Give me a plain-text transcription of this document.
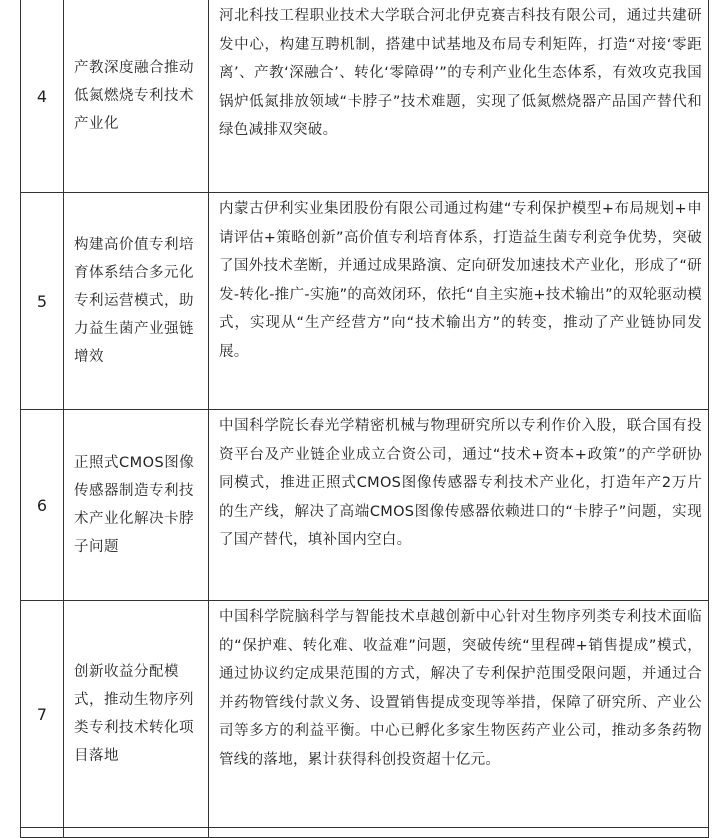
4	产教深度融合推动低氮燃烧专利技术产业化	河北科技工程职业技术大学联合河北伊克赛吉科技有限公司，通过共建研发中心，构建互聘机制，搭建中试基地及布局专利矩阵，打造“对接‘零距离’、产教‘深融合’、转化‘零障碍’”的专利产业化生态体系，有效攻克我国锅炉低氮排放领域“卡脖子”技术难题，实现了低氮燃烧器产品国产替代和绿色减排双突破。
5	构建高价值专利培育体系结合多元化专利运营模式，助力益生菌产业强链增效	内蒙古伊利实业集团股份有限公司通过构建“专利保护模型+布局规划+申请评估+策略创新”高价值专利培育体系，打造益生菌专利竞争优势，突破了国外技术垄断，并通过成果路演、定向研发加速技术产业化，形成了“研发-转化-推广-实施”的高效闭环，依托“自主实施+技术输出”的双轮驱动模式，实现从“生产经营方”向“技术输出方”的转变，推动了产业链协同发展。
6	正照式CMOS图像传感器制造专利技术产业化解决卡脖子问题	中国科学院长春光学精密机械与物理研究所以专利作价入股，联合国有投资平台及产业链企业成立合资公司，通过“技术+资本+政策”的产学研协同模式，推进正照式CMOS图像传感器专利技术产业化，打造年产2万片的生产线，解决了高端CMOS图像传感器依赖进口的“卡脖子”问题，实现了国产替代，填补国内空白。
7	创新收益分配模式，推动生物序列类专利技术转化项目落地	中国科学院脑科学与智能技术卓越创新中心针对生物序列类专利技术面临的“保护难、转化难、收益难”问题，突破传统“里程碑+销售提成”模式，通过协议约定成果范围的方式，解决了专利保护范围受限问题，并通过合并药物管线付款义务、设置销售提成变现等举措，保障了研究所、产业公司等多方的利益平衡。中心已孵化多家生物医药产业公司，推动多条药物管线的落地，累计获得科创投资超十亿元。
